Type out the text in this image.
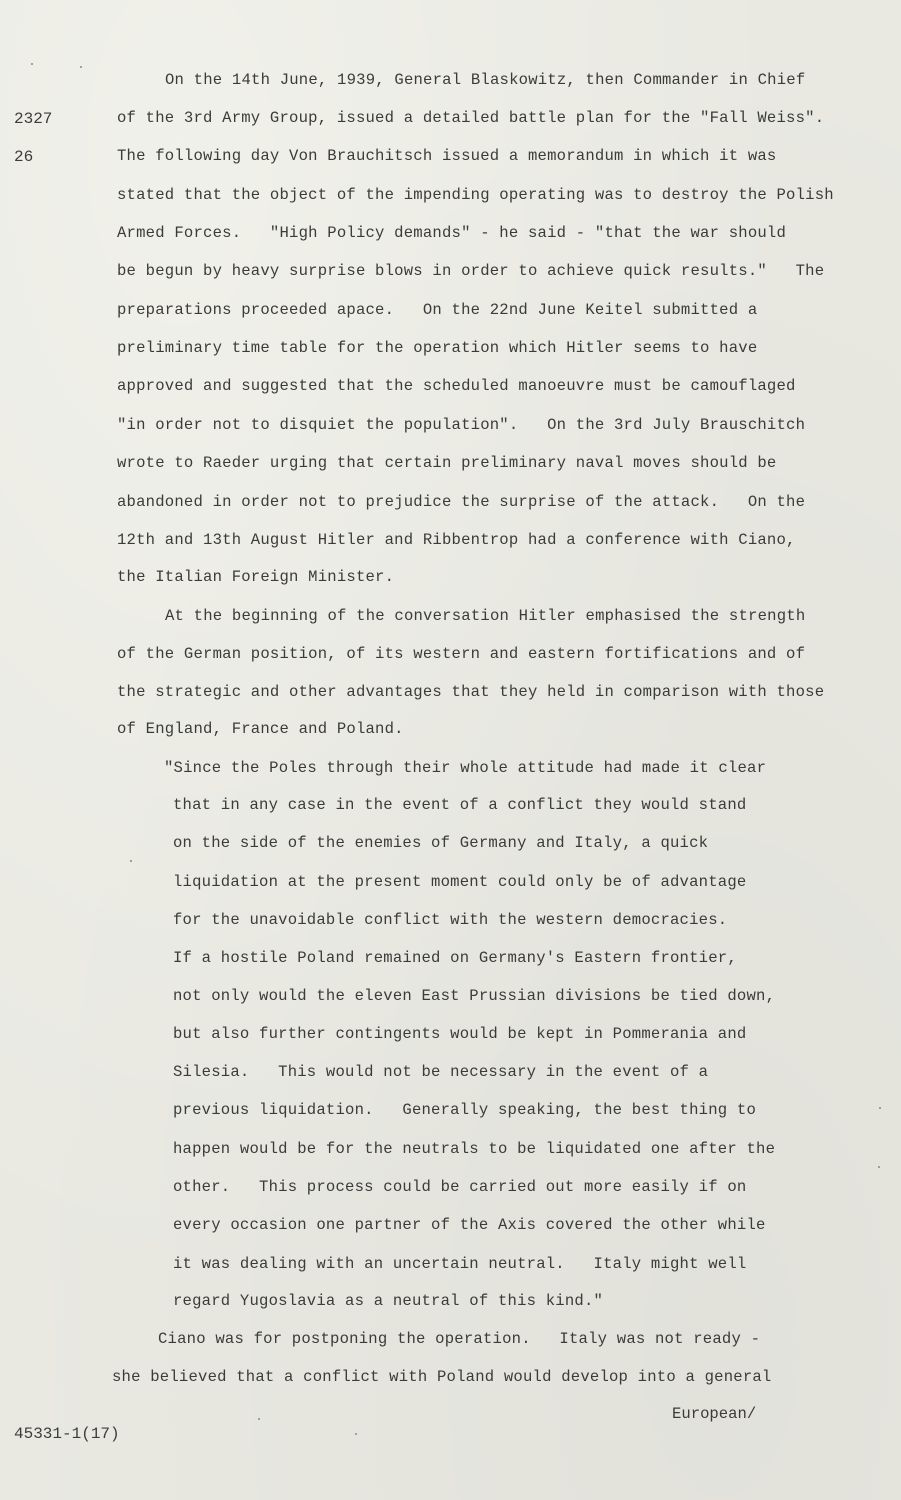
2327
26
On the 14th June, 1939, General Blaskowitz, then Commander in Chief
of the 3rd Army Group, issued a detailed battle plan for the "Fall Weiss".
The following day Von Brauchitsch issued a memorandum in which it was
stated that the object of the impending operating was to destroy the Polish
Armed Forces.   "High Policy demands" - he said - "that the war should
be begun by heavy surprise blows in order to achieve quick results."   The
preparations proceeded apace.   On the 22nd June Keitel submitted a
preliminary time table for the operation which Hitler seems to have
approved and suggested that the scheduled manoeuvre must be camouflaged
"in order not to disquiet the population".   On the 3rd July Brauschitch
wrote to Raeder urging that certain preliminary naval moves should be
abandoned in order not to prejudice the surprise of the attack.   On the
12th and 13th August Hitler and Ribbentrop had a conference with Ciano,
the Italian Foreign Minister.
At the beginning of the conversation Hitler emphasised the strength
of the German position, of its western and eastern fortifications and of
the strategic and other advantages that they held in comparison with those
of England, France and Poland.
"Since the Poles through their whole attitude had made it clear
that in any case in the event of a conflict they would stand
on the side of the enemies of Germany and Italy, a quick
liquidation at the present moment could only be of advantage
for the unavoidable conflict with the western democracies.
If a hostile Poland remained on Germany's Eastern frontier,
not only would the eleven East Prussian divisions be tied down,
but also further contingents would be kept in Pommerania and
Silesia.   This would not be necessary in the event of a
previous liquidation.   Generally speaking, the best thing to
happen would be for the neutrals to be liquidated one after the
other.   This process could be carried out more easily if on
every occasion one partner of the Axis covered the other while
it was dealing with an uncertain neutral.   Italy might well
regard Yugoslavia as a neutral of this kind."
Ciano was for postponing the operation.   Italy was not ready -
she believed that a conflict with Poland would develop into a general
European/
45331-1(17)
